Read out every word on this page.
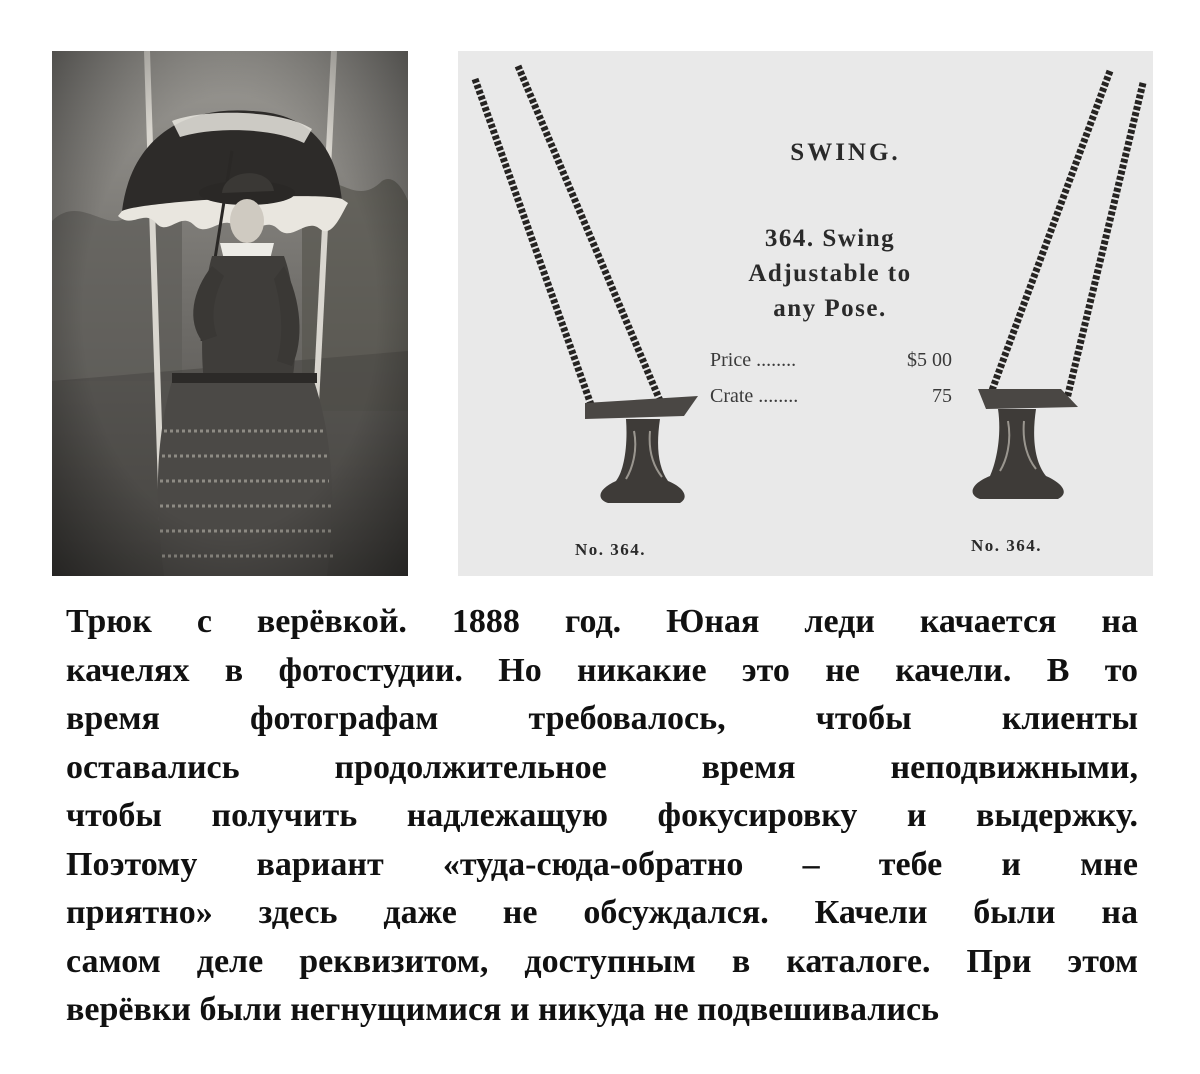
SWING.
364. Swing
Adjustable to
any Pose.
Price ........	$5 00
Crate ........	75
No. 364.	No. 364.

Трюк с верёвкой. 1888 год. Юная леди качается на
качелях в фотостудии. Но никакие это не качели. В то
время фотографам требовалось, чтобы клиенты
оставались продолжительное время неподвижными,
чтобы получить надлежащую фокусировку и выдержку.
Поэтому вариант «туда-сюда-обратно – тебе и мне
приятно» здесь даже не обсуждался. Качели были на
самом деле реквизитом, доступным в каталоге. При этом
верёвки были негнущимися и никуда не подвешивались
